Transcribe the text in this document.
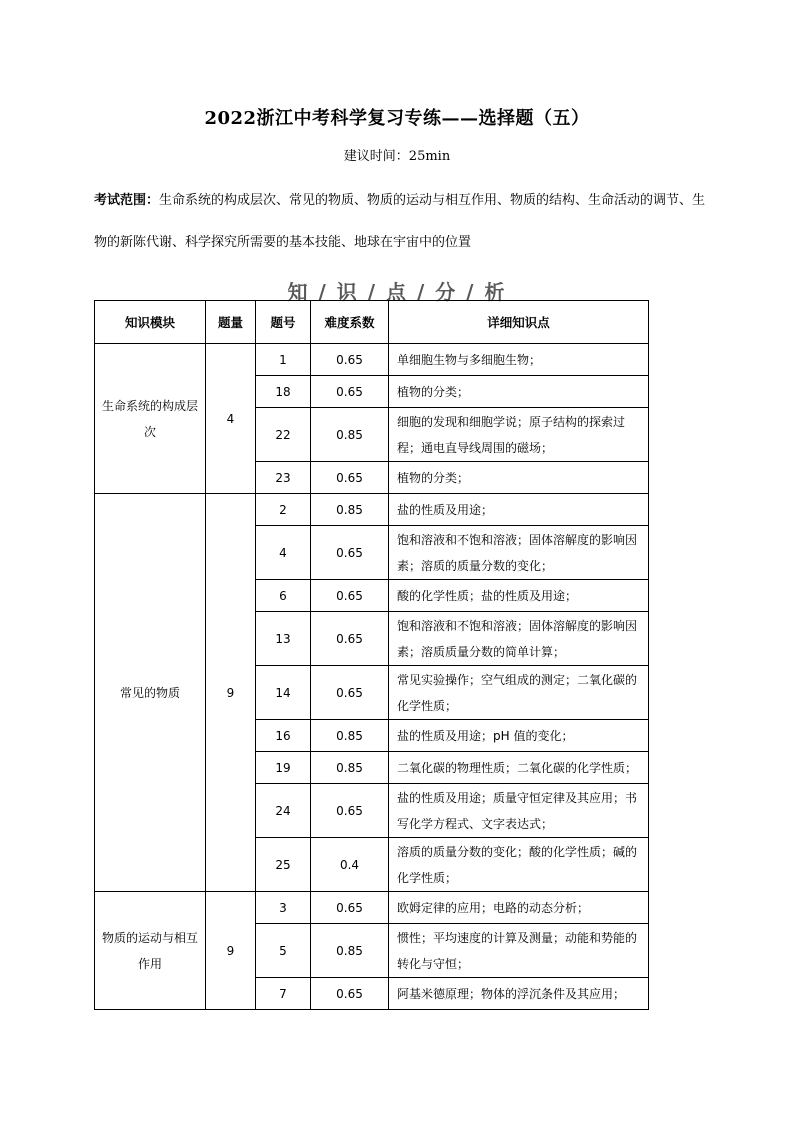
2022浙江中考科学复习专练——选择题（五）
建议时间：25min
考试范围：生命系统的构成层次、常见的物质、物质的运动与相互作用、物质的结构、生命活动的调节、生物的新陈代谢、科学探究所需要的基本技能、地球在宇宙中的位置
知 / 识 / 点 / 分 / 析
知识模块	题量	题号	难度系数	详细知识点
生命系统的构成层次	4	1	0.65	单细胞生物与多细胞生物；
		18	0.65	植物的分类；
		22	0.85	细胞的发现和细胞学说；原子结构的探索过程；通电直导线周围的磁场；
		23	0.65	植物的分类；
常见的物质	9	2	0.85	盐的性质及用途；
		4	0.65	饱和溶液和不饱和溶液；固体溶解度的影响因素；溶质的质量分数的变化；
		6	0.65	酸的化学性质；盐的性质及用途；
		13	0.65	饱和溶液和不饱和溶液；固体溶解度的影响因素；溶质质量分数的简单计算；
		14	0.65	常见实验操作；空气组成的测定；二氧化碳的化学性质；
		16	0.85	盐的性质及用途；pH 值的变化；
		19	0.85	二氧化碳的物理性质；二氧化碳的化学性质；
		24	0.65	盐的性质及用途；质量守恒定律及其应用；书写化学方程式、文字表达式；
		25	0.4	溶质的质量分数的变化；酸的化学性质；碱的化学性质；
物质的运动与相互作用	9	3	0.65	欧姆定律的应用；电路的动态分析；
		5	0.85	惯性；平均速度的计算及测量；动能和势能的转化与守恒；
		7	0.65	阿基米德原理；物体的浮沉条件及其应用；
